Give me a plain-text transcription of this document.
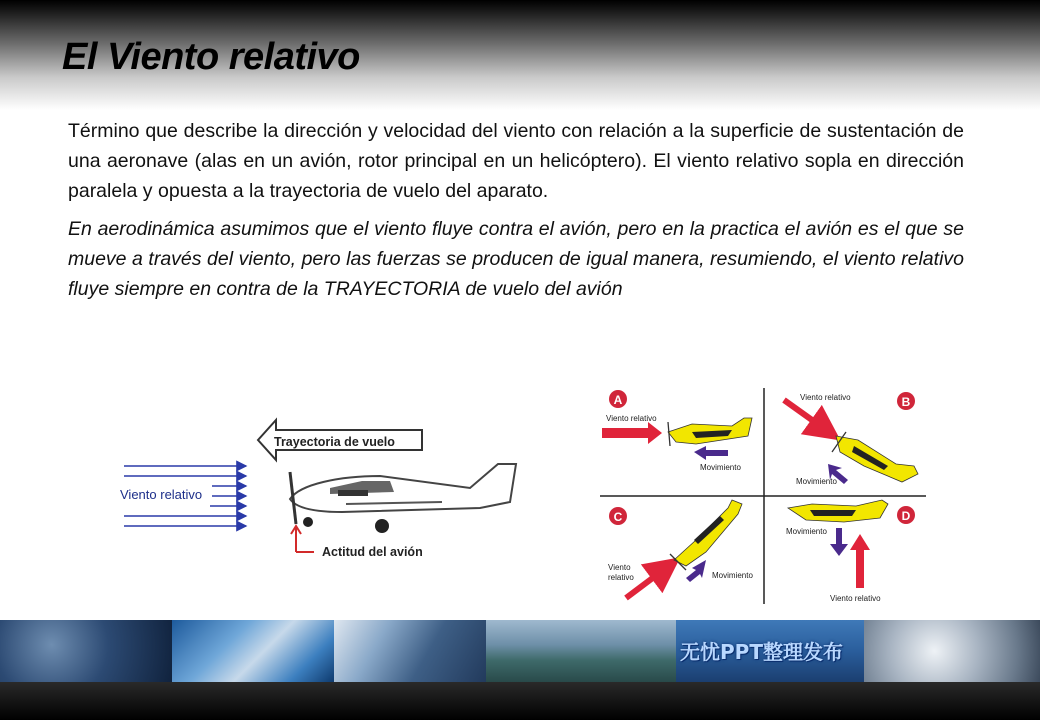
El Viento relativo

Término que describe la dirección y velocidad del viento con relación a la superficie de sustentación de una aeronave (alas en un avión, rotor principal en un helicóptero). El viento relativo sopla en dirección paralela y opuesta a la trayectoria de vuelo del aparato.

En aerodinámica asumimos que el viento fluye contra el avión, pero en la practica el avión es el que se mueve a través del viento, pero las fuerzas se producen de igual manera, resumiendo, el viento relativo fluye siempre en contra de la TRAYECTORIA de vuelo del avión

Viento relativo
Trayectoria de vuelo
Actitud del avión
A
Viento relativo
Movimiento
Viento relativo	B
Movimiento
C
Viento
relativo	Movimiento
D
Movimiento
Viento relativo
无忧PPT整理发布
